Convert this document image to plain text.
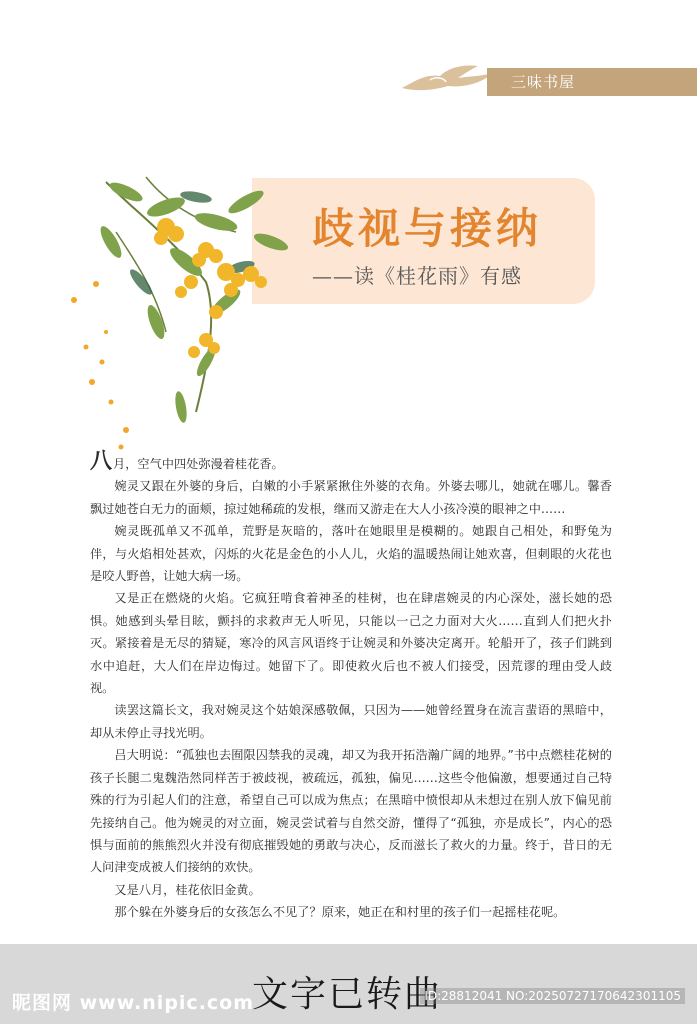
三味书屋
歧视与接纳
——读《桂花雨》有感

八月，空气中四处弥漫着桂花香。

婉灵又跟在外婆的身后，白嫩的小手紧紧揪住外婆的衣角。外婆去哪儿，她就在哪儿。馨香飘过她苍白无力的面颊，掠过她稀疏的发根，继而又游走在大人小孩冷漠的眼神之中……

婉灵既孤单又不孤单，荒野是灰暗的，落叶在她眼里是模糊的。她跟自己相处，和野兔为伴，与火焰相处甚欢，闪烁的火花是金色的小人儿，火焰的温暖热闹让她欢喜，但刺眼的火花也是咬人野兽，让她大病一场。

又是正在燃烧的火焰。它疯狂啃食着神圣的桂树，也在肆虐婉灵的内心深处，滋长她的恐惧。她感到头晕目眩，颤抖的求救声无人听见，只能以一己之力面对大火……直到人们把火扑灭。紧接着是无尽的猜疑，寒冷的风言风语终于让婉灵和外婆决定离开。轮船开了，孩子们跳到水中追赶，大人们在岸边悔过。她留下了。即使救火后也不被人们接受，因荒谬的理由受人歧视。

读罢这篇长文，我对婉灵这个姑娘深感敬佩，只因为——她曾经置身在流言蜚语的黑暗中，却从未停止寻找光明。

吕大明说：“孤独也去囿限囚禁我的灵魂，却又为我开拓浩瀚广阔的地界。”书中点燃桂花树的孩子长腿二鬼魏浩然同样苦于被歧视，被疏远，孤独，偏见……这些令他偏激，想要通过自己特殊的行为引起人们的注意，希望自己可以成为焦点；在黑暗中愤恨却从未想过在别人放下偏见前先接纳自己。他为婉灵的对立面，婉灵尝试着与自然交游，懂得了“孤独，亦是成长”，内心的恐惧与面前的熊熊烈火并没有彻底摧毁她的勇敢与决心，反而滋长了救火的力量。终于，昔日的无人问津变成被人们接纳的欢快。

又是八月，桂花依旧金黄。

那个躲在外婆身后的女孩怎么不见了？原来，她正在和村里的孩子们一起摇桂花呢。

昵图网 www.nipic.com
文字已转曲
ID:28812041 NO:20250727170642301105
